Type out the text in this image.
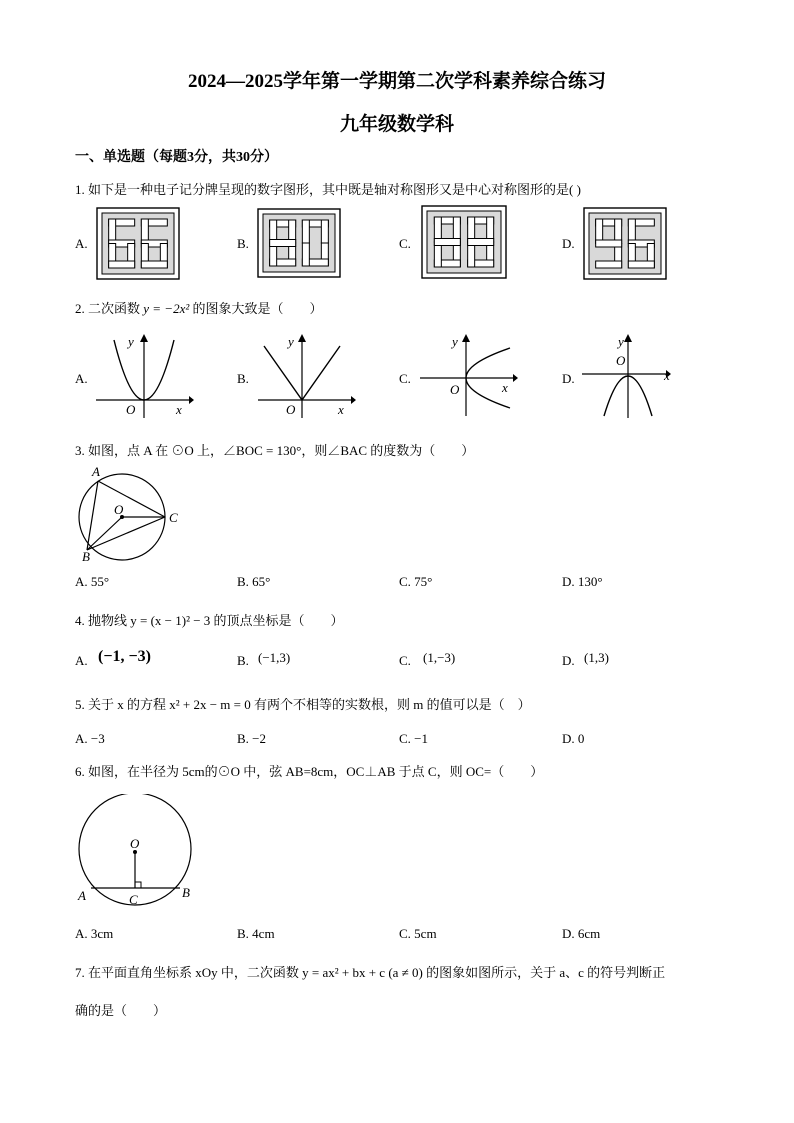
2024—2025学年第一学期第二次学科素养综合练习
九年级数学科
一、单选题（每题3分，共30分）
1. 如下是一种电子记分牌呈现的数字图形，其中既是轴对称图形又是中心对称图形的是( )
A.	B.	C.	D.
2. 二次函数 y = −2x² 的图象大致是（　　）
A.
x
y
O
B.
x
y
O
C.
x
y
O
D.	x
y
O
3. 如图，点 A 在 ⊙O 上，∠BOC = 130°，则∠BAC 的度数为（　　）
A
O
C
B
A. 55°	B. 65°	C. 75°	D. 130°
4. 抛物线 y = (x − 1)² − 3 的顶点坐标是（　　）
A. (−1, −3)	B. (−1,3)	C. (1,−3)	D. (1,3)
5. 关于 x 的方程 x² + 2x − m = 0 有两个不相等的实数根，则 m 的值可以是（　）
A. −3	B. −2	C. −1	D. 0
6. 如图，在半径为 5cm的⊙O 中，弦 AB=8cm，OC⊥AB 于点 C，则 OC=（　　）
O
A	C	B
A. 3cm	B. 4cm	C. 5cm	D. 6cm
7. 在平面直角坐标系 xOy 中，二次函数 y = ax² + bx + c (a ≠ 0) 的图象如图所示，关于 a、c 的符号判断正
确的是（　　）
